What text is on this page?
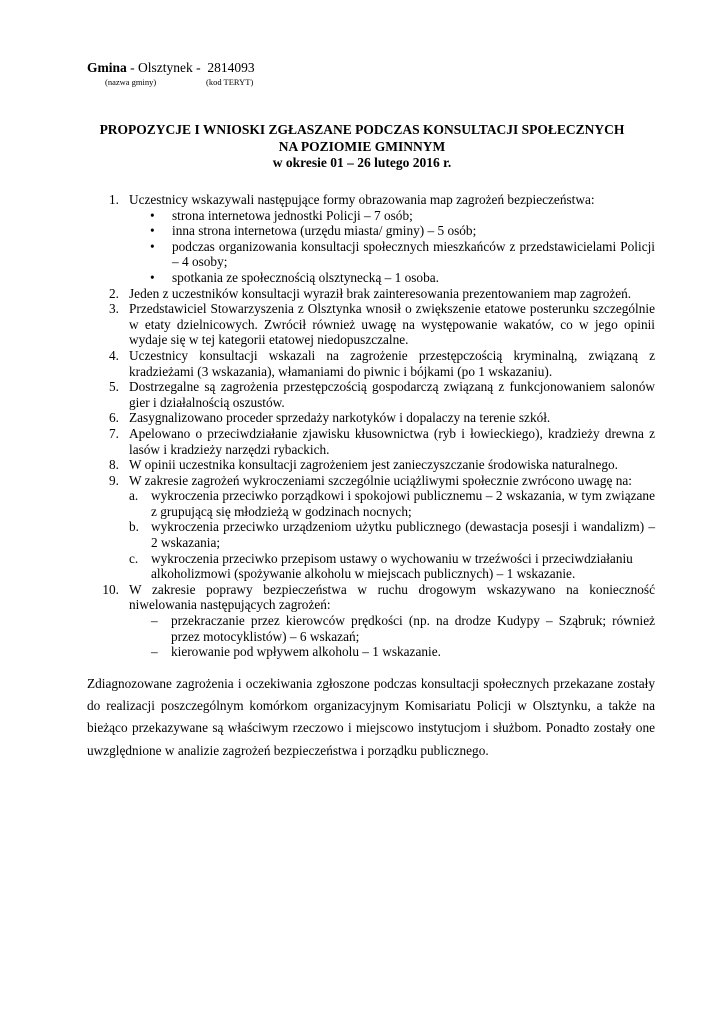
Gmina - Olsztynek -  2814093
(nazwa gminy)	(kod TERYT)
PROPOZYCJE I WNIOSKI ZGŁASZANE PODCZAS KONSULTACJI SPOŁECZNYCH
NA POZIOMIE GMINNYM
w okresie 01 – 26 lutego 2016 r.
1. Uczestnicy wskazywali następujące formy obrazowania map zagrożeń bezpieczeństwa:
•	strona internetowa jednostki Policji – 7 osób;
•	inna strona internetowa (urzędu miasta/ gminy) – 5 osób;
•	podczas organizowania konsultacji społecznych mieszkańców z przedstawicielami Policji – 4 osoby;
•	spotkania ze społecznością olsztynecką – 1 osoba.
2. Jeden z uczestników konsultacji wyraził brak zainteresowania prezentowaniem map zagrożeń.
3. Przedstawiciel Stowarzyszenia z Olsztynka wnosił o zwiększenie etatowe posterunku szczególnie w etaty dzielnicowych. Zwrócił również uwagę na występowanie wakatów, co w jego opinii wydaje się w tej kategorii etatowej niedopuszczalne.
4. Uczestnicy konsultacji wskazali na zagrożenie przestępczością kryminalną, związaną z kradzieżami (3 wskazania), włamaniami do piwnic i bójkami (po 1 wskazaniu).
5. Dostrzegalne są zagrożenia przestępczością gospodarczą związaną z funkcjonowaniem salonów gier i działalnością oszustów.
6. Zasygnalizowano proceder sprzedaży narkotyków i dopalaczy na terenie szkół.
7. Apelowano o przeciwdziałanie zjawisku kłusownictwa (ryb i łowieckiego), kradzieży drewna z lasów i kradzieży narzędzi rybackich.
8. W opinii uczestnika konsultacji zagrożeniem jest zanieczyszczanie środowiska naturalnego.
9. W zakresie zagrożeń wykroczeniami szczególnie uciążliwymi społecznie zwrócono uwagę na:
a. wykroczenia przeciwko porządkowi i spokojowi publicznemu – 2 wskazania, w tym związane z grupującą się młodzieżą w godzinach nocnych;
b. wykroczenia przeciwko urządzeniom użytku publicznego (dewastacja posesji i wandalizm) – 2 wskazania;
c. wykroczenia przeciwko przepisom ustawy o wychowaniu w trzeźwości i przeciwdziałaniu alkoholizmowi (spożywanie alkoholu w miejscach publicznych) – 1 wskazanie.
10. W zakresie poprawy bezpieczeństwa w ruchu drogowym wskazywano na konieczność niwelowania następujących zagrożeń:
– przekraczanie przez kierowców prędkości (np. na drodze Kudypy – Sząbruk; również przez motocyklistów) – 6 wskazań;
– kierowanie pod wpływem alkoholu – 1 wskazanie.
Zdiagnozowane zagrożenia i oczekiwania zgłoszone podczas konsultacji społecznych przekazane zostały do realizacji poszczególnym komórkom organizacyjnym Komisariatu Policji w Olsztynku, a także na bieżąco przekazywane są właściwym rzeczowo i miejscowo instytucjom i służbom. Ponadto zostały one uwzględnione w analizie zagrożeń bezpieczeństwa i porządku publicznego.
